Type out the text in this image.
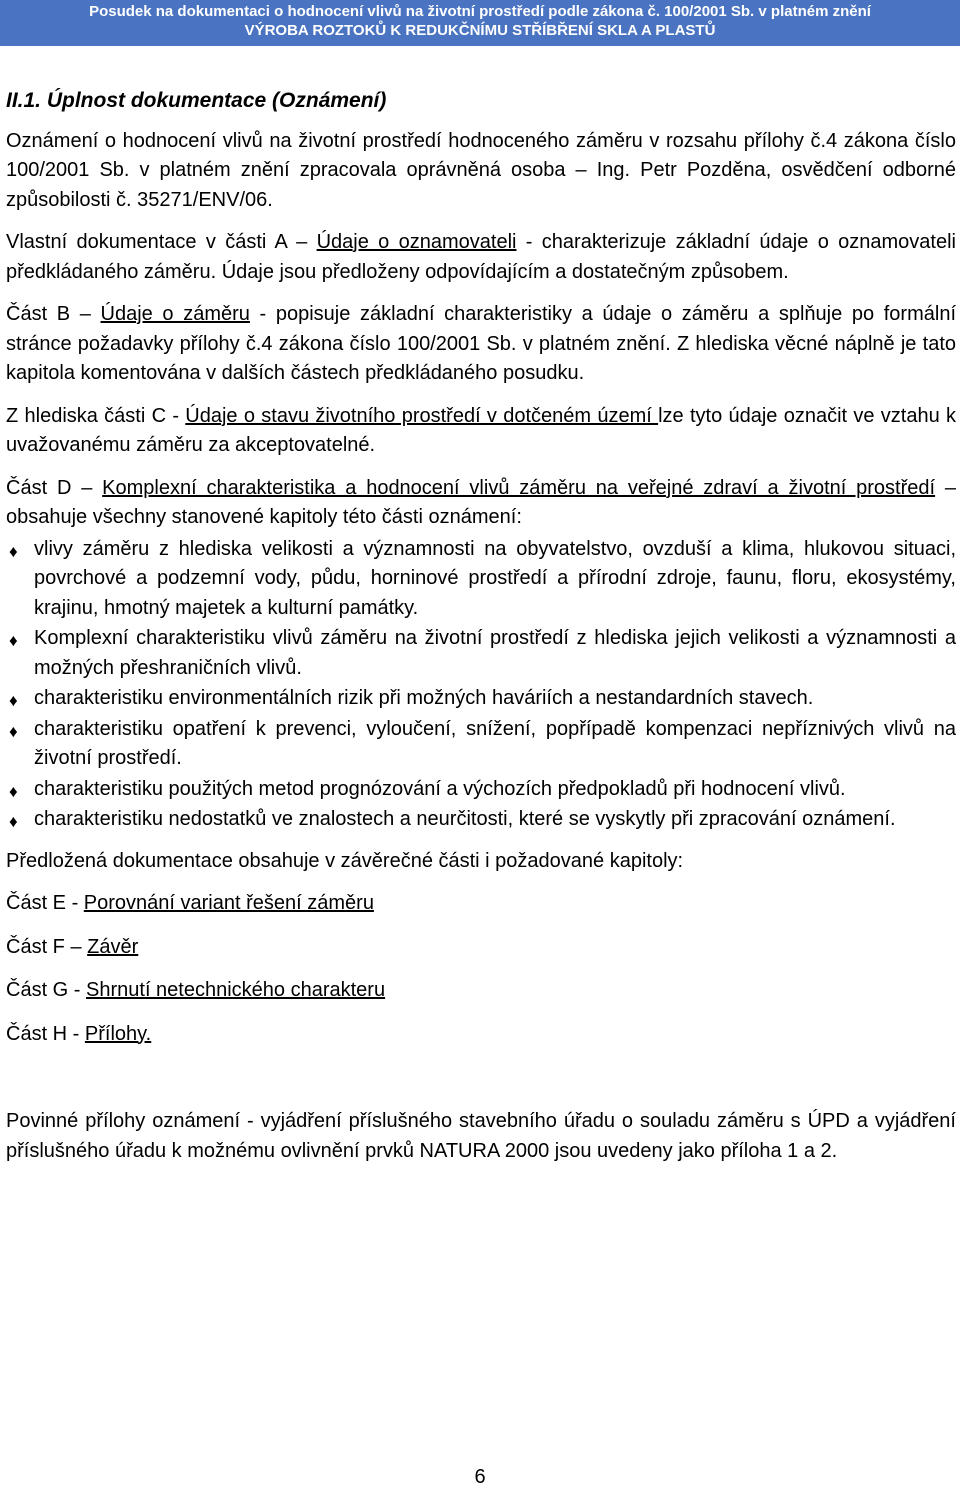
Posudek na dokumentaci o hodnocení vlivů na životní prostředí podle zákona č. 100/2001 Sb. v platném znění
VÝROBA ROZTOKŮ K REDUKČNÍMU STŘÍBŘENÍ SKLA A PLASTŮ
II.1. Úplnost dokumentace (Oznámení)

Oznámení o hodnocení vlivů na životní prostředí hodnoceného záměru v rozsahu přílohy č.4 zákona číslo 100/2001 Sb. v platném znění zpracovala oprávněná osoba – Ing. Petr Pozděna, osvědčení odborné způsobilosti č. 35271/ENV/06.

Vlastní dokumentace v části A – Údaje o oznamovateli - charakterizuje základní údaje o oznamovateli předkládaného záměru. Údaje jsou předloženy odpovídajícím a dostatečným způsobem.

Část B – Údaje o záměru - popisuje základní charakteristiky a údaje o záměru a splňuje po formální stránce požadavky přílohy č.4 zákona číslo 100/2001 Sb. v platném znění. Z hlediska věcné náplně je tato kapitola komentována v dalších částech předkládaného posudku.

Z hlediska části C - Údaje o stavu životního prostředí v dotčeném území lze tyto údaje označit ve vztahu k uvažovanému záměru za akceptovatelné.

Část D – Komplexní charakteristika a hodnocení vlivů záměru na veřejné zdraví a životní prostředí – obsahuje všechny stanovené kapitoly této části oznámení:

♦ vlivy záměru z hlediska velikosti a významnosti na obyvatelstvo, ovzduší a klima, hlukovou situaci, povrchové a podzemní vody, půdu, horninové prostředí a přírodní zdroje, faunu, floru, ekosystémy, krajinu, hmotný majetek a kulturní památky.
♦ Komplexní charakteristiku vlivů záměru na životní prostředí z hlediska jejich velikosti a významnosti a možných přeshraničních vlivů.
♦ charakteristiku environmentálních rizik při možných haváriích a nestandardních stavech.
♦ charakteristiku opatření k prevenci, vyloučení, snížení, popřípadě kompenzaci nepříznivých vlivů na životní prostředí.
♦ charakteristiku použitých metod prognózování a výchozích předpokladů při hodnocení vlivů.
♦ charakteristiku nedostatků ve znalostech a neurčitosti, které se vyskytly při zpracování oznámení.

Předložená dokumentace obsahuje v závěrečné části i požadované kapitoly:

Část E - Porovnání variant řešení záměru
Část F – Závěr
Část G - Shrnutí netechnického charakteru
Část H - Přílohy.

Povinné přílohy oznámení - vyjádření příslušného stavebního úřadu o souladu záměru s ÚPD a vyjádření příslušného úřadu k možnému ovlivnění prvků NATURA 2000 jsou uvedeny jako příloha 1 a 2.

6
